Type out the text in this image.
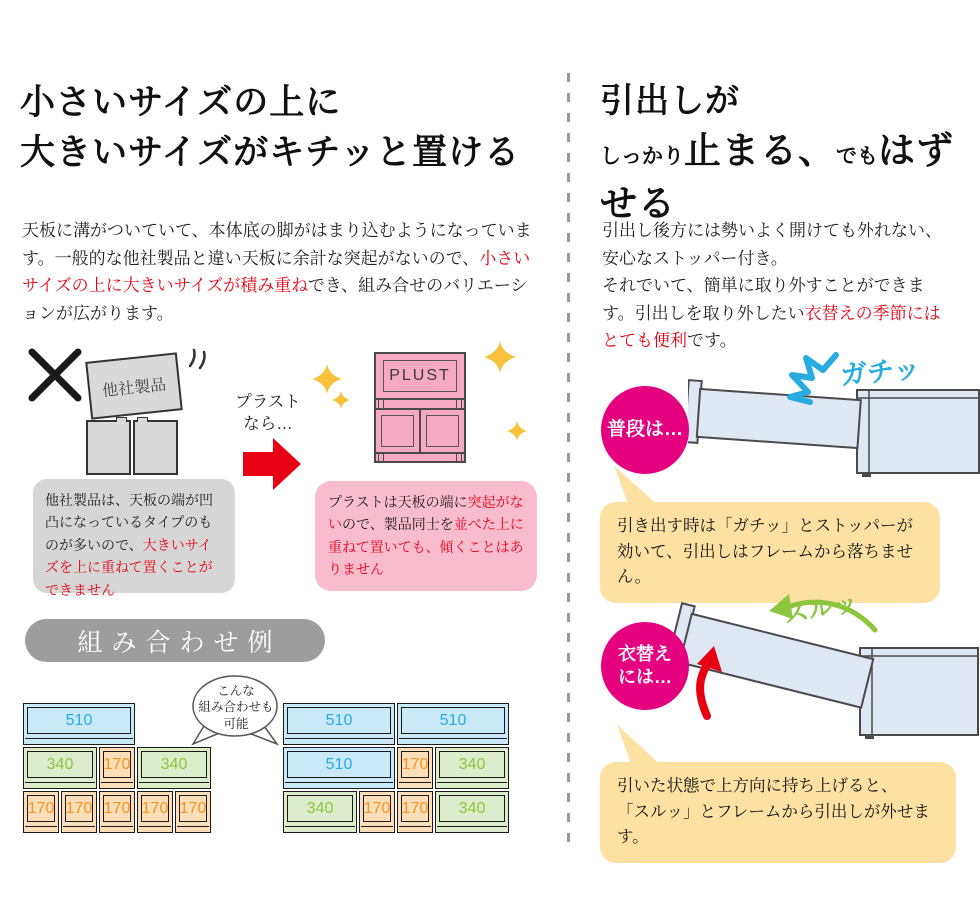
小さいサイズの上に
大きいサイズがキチッと置ける

天板に溝がついていて、本体底の脚がはまり込むようになっています。一般的な他社製品と違い天板に余計な突起がないので、小さいサイズの上に大きいサイズが積み重ねでき、組み合せのバリエーションが広がります。

他社製品
プラストなら…
PLUST
他社製品は、天板の端が凹凸になっているタイプのものが多いので、大きいサイズを上に重ねて置くことができません
プラストは天板の端に突起がないので、製品同士を並べた上に重ねて置いても、傾くことはありません
組み合わせ例
こんな
組み合わせも
可能
510
340	170	340
170 170 170 170 170
510	510
510	170	340
340	170 170	340
引出しが
しっかり止まる、でもはずせる

引出し後方には勢いよく開けても外れない、安心なストッパー付き。
それでいて、簡単に取り外すことができます。引出しを取り外したい衣替えの季節にはとても便利です。

普段は…
ガチッ
引き出す時は「ガチッ」とストッパーが
効いて、引出しはフレームから落ちません。
衣替え
には…
スルッ
引いた状態で上方向に持ち上げると、
「スルッ」とフレームから引出しが外せます。
